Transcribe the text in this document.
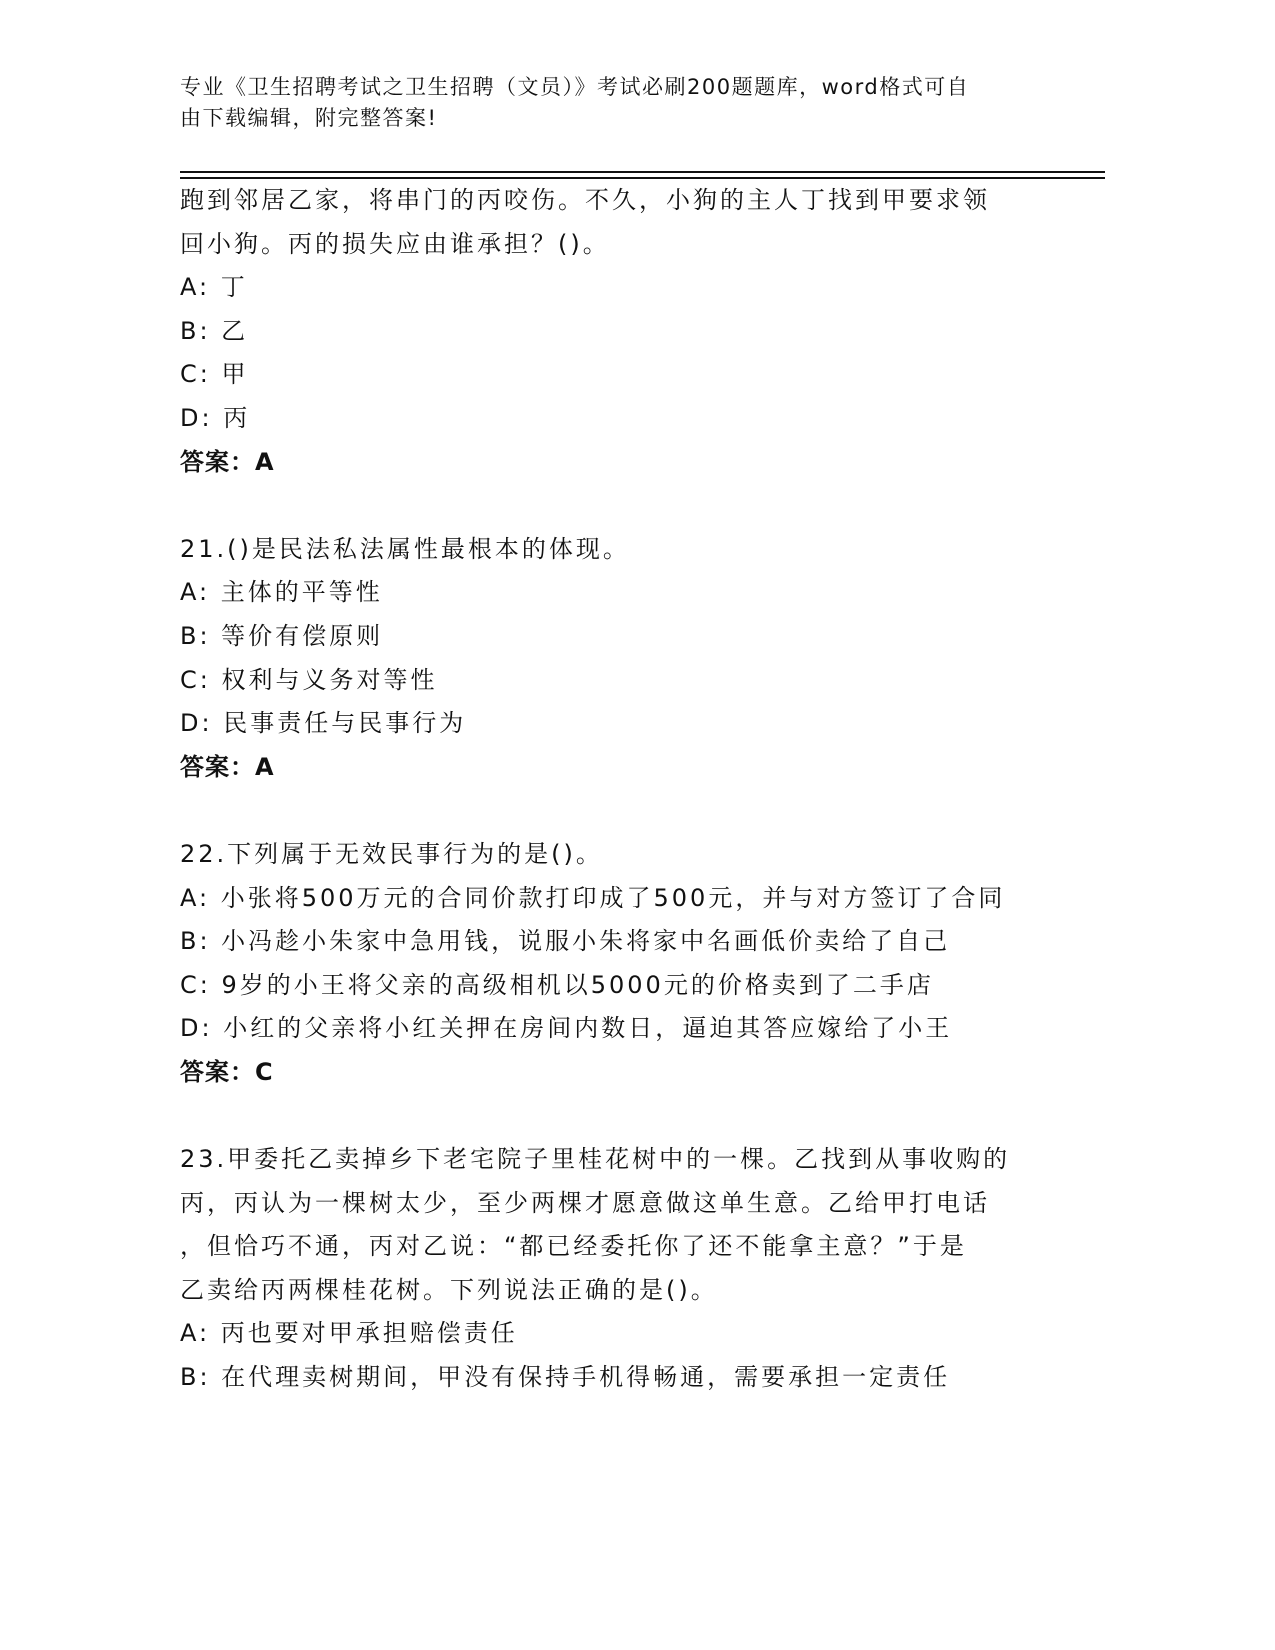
专业《卫生招聘考试之卫生招聘（文员）》考试必刷200题题库，word格式可自
由下载编辑，附完整答案!
跑到邻居乙家，将串门的丙咬伤。不久，小狗的主人丁找到甲要求领
回小狗。丙的损失应由谁承担？()。
A: 丁
B: 乙
C: 甲
D: 丙
答案：A
21.()是民法私法属性最根本的体现。
A: 主体的平等性
B: 等价有偿原则
C: 权利与义务对等性
D: 民事责任与民事行为
答案：A
22.下列属于无效民事行为的是()。
A: 小张将500万元的合同价款打印成了500元，并与对方签订了合同
B: 小冯趁小朱家中急用钱，说服小朱将家中名画低价卖给了自己
C: 9岁的小王将父亲的高级相机以5000元的价格卖到了二手店
D: 小红的父亲将小红关押在房间内数日，逼迫其答应嫁给了小王
答案：C
23.甲委托乙卖掉乡下老宅院子里桂花树中的一棵。乙找到从事收购的
丙，丙认为一棵树太少，至少两棵才愿意做这单生意。乙给甲打电话
，但恰巧不通，丙对乙说：“都已经委托你了还不能拿主意？”于是
乙卖给丙两棵桂花树。下列说法正确的是()。
A: 丙也要对甲承担赔偿责任
B: 在代理卖树期间，甲没有保持手机得畅通，需要承担一定责任
